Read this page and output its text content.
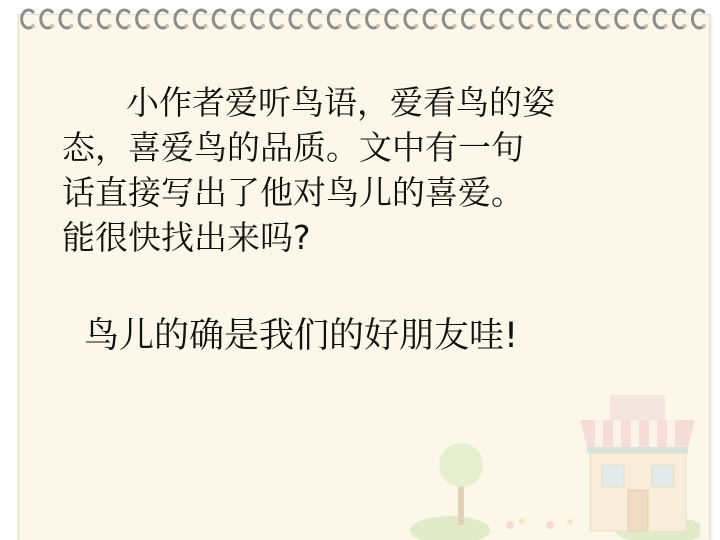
小作者爱听鸟语，爱看鸟的姿
态，喜爱鸟的品质。文中有一句
话直接写出了他对鸟儿的喜爱。
能很快找出来吗?
鸟儿的确是我们的好朋友哇!
